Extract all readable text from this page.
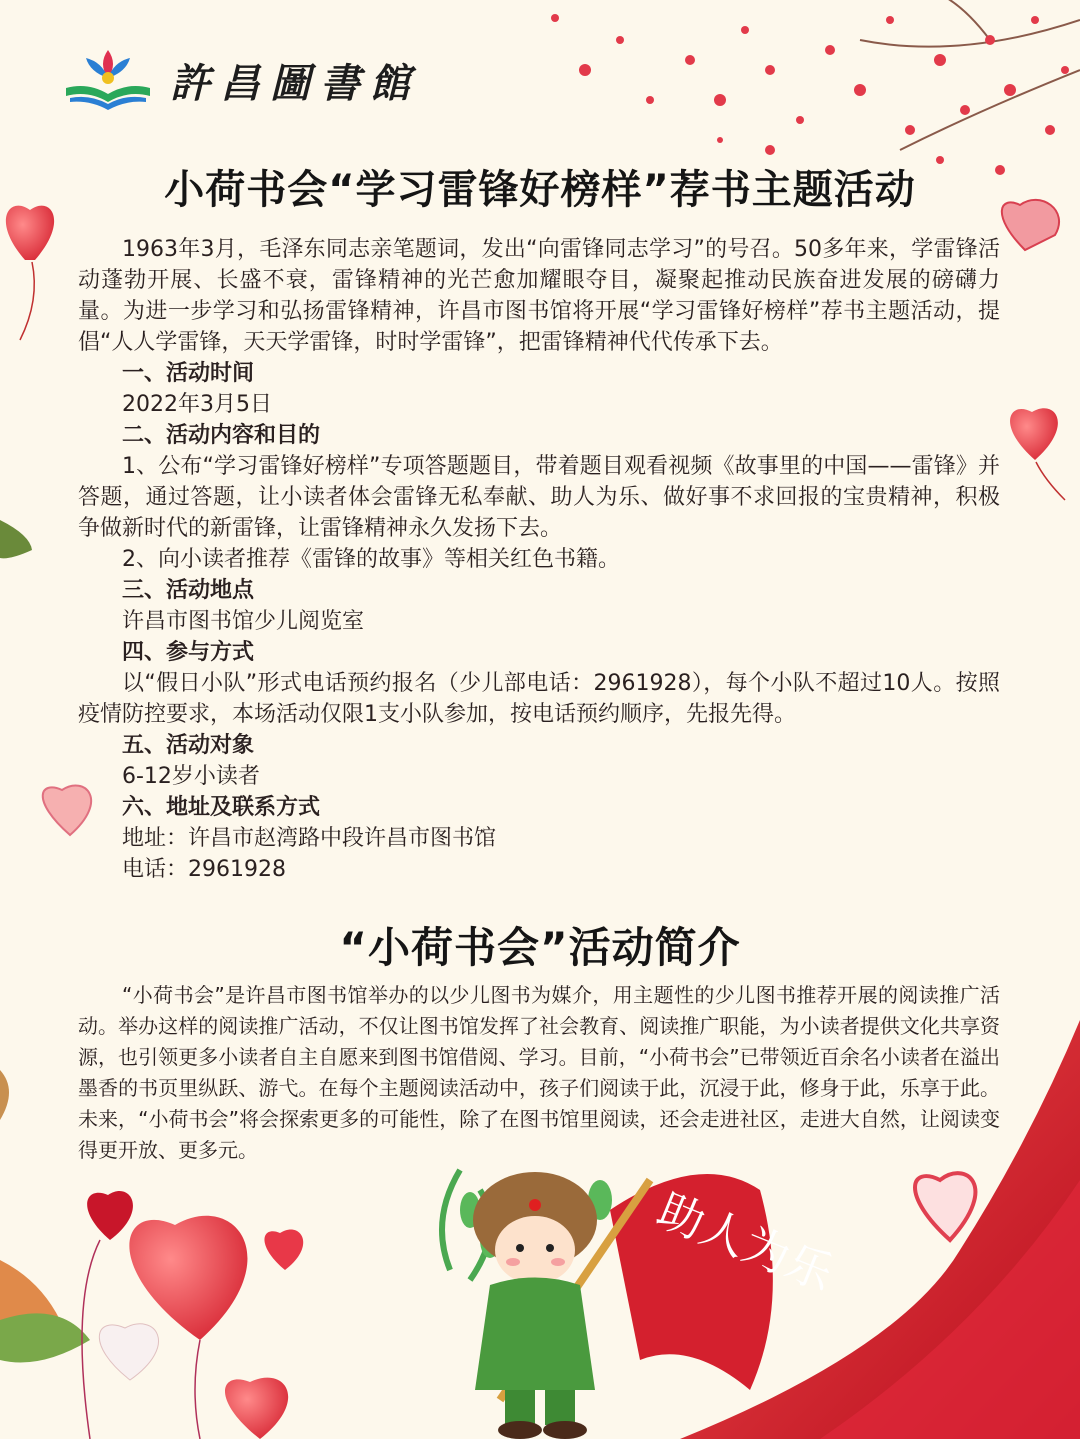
助人为乐
許昌圖書館
小荷书会“学习雷锋好榜样”荐书主题活动

1963年3月，毛泽东同志亲笔题词，发出“向雷锋同志学习”的号召。50多年来，学雷锋活动蓬勃开展、长盛不衰，雷锋精神的光芒愈加耀眼夺目，凝聚起推动民族奋进发展的磅礴力量。为进一步学习和弘扬雷锋精神，许昌市图书馆将开展“学习雷锋好榜样”荐书主题活动，提倡“人人学雷锋，天天学雷锋，时时学雷锋”，把雷锋精神代代传承下去。

一、活动时间

2022年3月5日

二、活动内容和目的

1、公布“学习雷锋好榜样”专项答题题目，带着题目观看视频《故事里的中国——雷锋》并答题，通过答题，让小读者体会雷锋无私奉献、助人为乐、做好事不求回报的宝贵精神，积极争做新时代的新雷锋，让雷锋精神永久发扬下去。

2、向小读者推荐《雷锋的故事》等相关红色书籍。

三、活动地点

许昌市图书馆少儿阅览室

四、参与方式

以“假日小队”形式电话预约报名（少儿部电话：2961928），每个小队不超过10人。按照疫情防控要求，本场活动仅限1支小队参加，按电话预约顺序，先报先得。

五、活动对象

6-12岁小读者

六、地址及联系方式

地址：许昌市赵湾路中段许昌市图书馆

电话：2961928

“小荷书会”活动简介

“小荷书会”是许昌市图书馆举办的以少儿图书为媒介，用主题性的少儿图书推荐开展的阅读推广活动。举办这样的阅读推广活动，不仅让图书馆发挥了社会教育、阅读推广职能，为小读者提供文化共享资源，也引领更多小读者自主自愿来到图书馆借阅、学习。目前，“小荷书会”已带领近百余名小读者在溢出墨香的书页里纵跃、游弋。在每个主题阅读活动中，孩子们阅读于此，沉浸于此，修身于此，乐享于此。未来，“小荷书会”将会探索更多的可能性，除了在图书馆里阅读，还会走进社区，走进大自然，让阅读变得更开放、更多元。
